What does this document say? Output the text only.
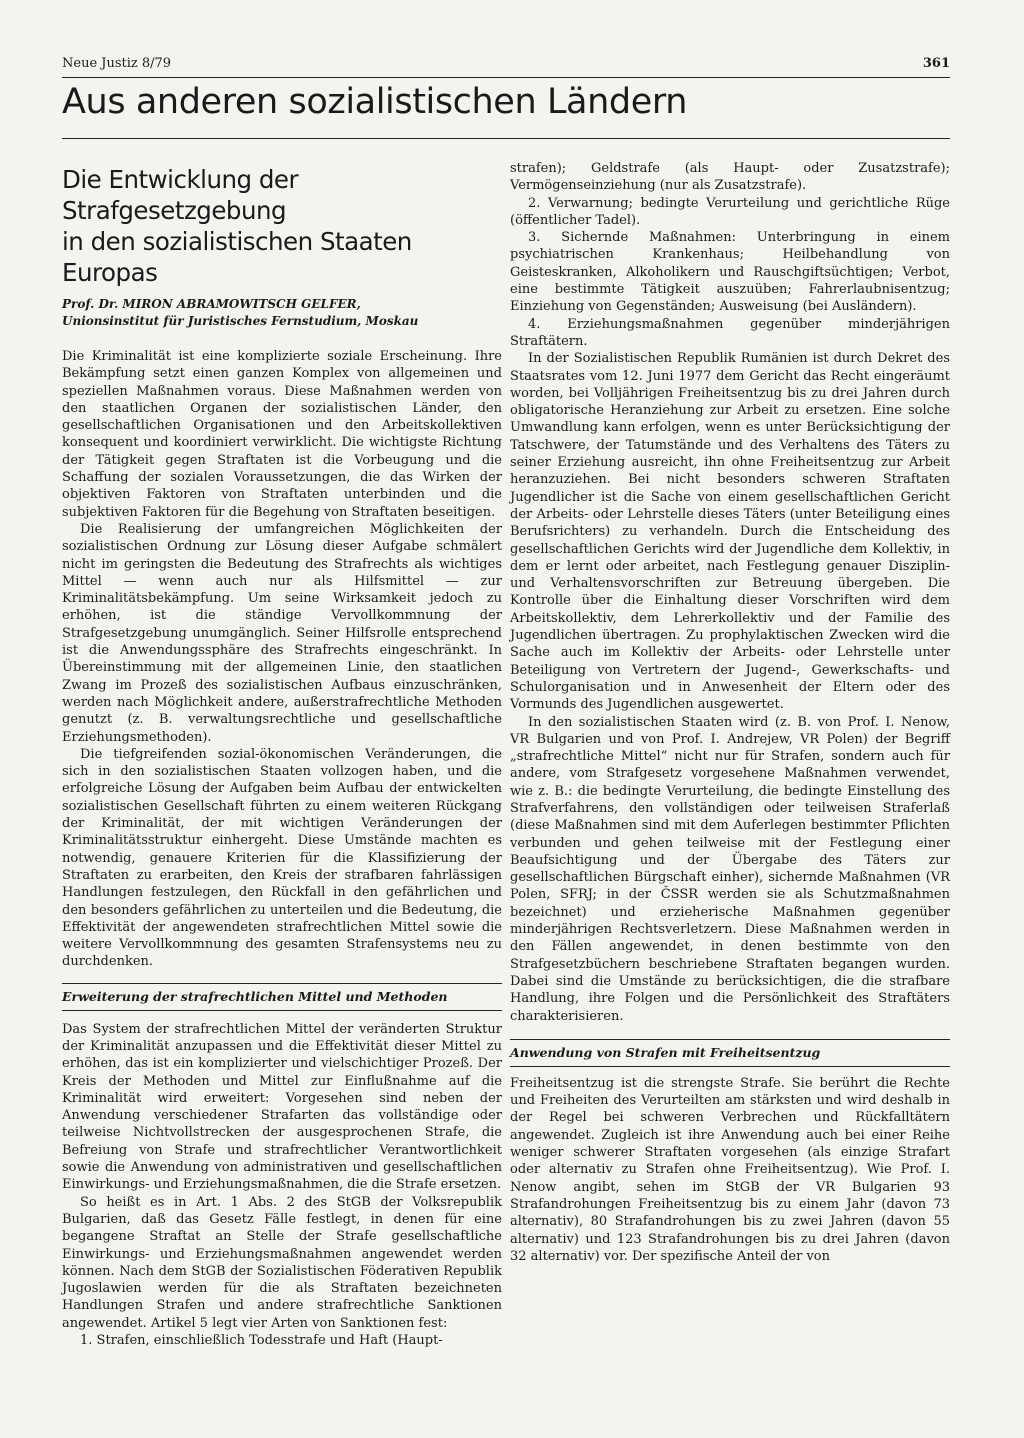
Neue Justiz 8/79	361
Aus anderen sozialistischen Ländern
Die Entwicklung der Strafgesetzgebung
in den sozialistischen Staaten Europas
Prof. Dr. MIRON ABRAMOWITSCH GELFER,
Unionsinstitut für Juristisches Fernstudium, Moskau

Die Kriminalität ist eine komplizierte soziale Erscheinung. Ihre Bekämpfung setzt einen ganzen Komplex von allgemeinen und speziellen Maßnahmen voraus. Diese Maßnahmen werden von den staatlichen Organen der sozialistischen Länder, den gesellschaftlichen Organisationen und den Arbeitskollektiven konsequent und koordiniert verwirklicht. Die wichtigste Richtung der Tätigkeit gegen Straftaten ist die Vorbeugung und die Schaffung der sozialen Voraussetzungen, die das Wirken der objektiven Faktoren von Straftaten unterbinden und die subjektiven Faktoren für die Begehung von Straftaten beseitigen.

Die Realisierung der umfangreichen Möglichkeiten der sozialistischen Ordnung zur Lösung dieser Aufgabe schmälert nicht im geringsten die Bedeutung des Strafrechts als wichtiges Mittel — wenn auch nur als Hilfsmittel — zur Kriminalitätsbekämpfung. Um seine Wirksamkeit jedoch zu erhöhen, ist die ständige Vervollkommnung der Strafgesetzgebung unumgänglich. Seiner Hilfsrolle entsprechend ist die Anwendungssphäre des Strafrechts eingeschränkt. In Übereinstimmung mit der allgemeinen Linie, den staatlichen Zwang im Prozeß des sozialistischen Aufbaus einzuschränken, werden nach Möglichkeit andere, außerstrafrechtliche Methoden genutzt (z. B. verwaltungsrechtliche und gesellschaftliche Erziehungsmethoden).

Die tiefgreifenden sozial-ökonomischen Veränderungen, die sich in den sozialistischen Staaten vollzogen haben, und die erfolgreiche Lösung der Aufgaben beim Aufbau der entwickelten sozialistischen Gesellschaft führten zu einem weiteren Rückgang der Kriminalität, der mit wichtigen Veränderungen der Kriminalitätsstruktur einhergeht. Diese Umstände machten es notwendig, genauere Kriterien für die Klassifizierung der Straftaten zu erarbeiten, den Kreis der strafbaren fahrlässigen Handlungen festzulegen, den Rückfall in den gefährlichen und den besonders gefährlichen zu unterteilen und die Bedeutung, die Effektivität der angewendeten strafrechtlichen Mittel sowie die weitere Vervollkommnung des gesamten Strafensystems neu zu durchdenken.

Erweiterung der strafrechtlichen Mittel und Methoden

Das System der strafrechtlichen Mittel der veränderten Struktur der Kriminalität anzupassen und die Effektivität dieser Mittel zu erhöhen, das ist ein komplizierter und vielschichtiger Prozeß. Der Kreis der Methoden und Mittel zur Einflußnahme auf die Kriminalität wird erweitert: Vorgesehen sind neben der Anwendung verschiedener Strafarten das vollständige oder teilweise Nichtvollstrecken der ausgesprochenen Strafe, die Befreiung von Strafe und strafrechtlicher Verantwortlichkeit sowie die Anwendung von administrativen und gesellschaftlichen Einwirkungs- und Erziehungsmaßnahmen, die die Strafe ersetzen.

So heißt es in Art. 1 Abs. 2 des StGB der Volksrepublik Bulgarien, daß das Gesetz Fälle festlegt, in denen für eine begangene Straftat an Stelle der Strafe gesellschaftliche Einwirkungs- und Erziehungsmaßnahmen angewendet werden können. Nach dem StGB der Sozialistischen Föderativen Republik Jugoslawien werden für die als Straftaten bezeichneten Handlungen Strafen und andere strafrechtliche Sanktionen angewendet. Artikel 5 legt vier Arten von Sanktionen fest:

1. Strafen, einschließlich Todesstrafe und Haft (Haupt-

strafen); Geldstrafe (als Haupt- oder Zusatzstrafe); Vermögenseinziehung (nur als Zusatzstrafe).

2. Verwarnung; bedingte Verurteilung und gerichtliche Rüge (öffentlicher Tadel).

3. Sichernde Maßnahmen: Unterbringung in einem psychiatrischen Krankenhaus; Heilbehandlung von Geisteskranken, Alkoholikern und Rauschgiftsüchtigen; Verbot, eine bestimmte Tätigkeit auszuüben; Fahrerlaubnisentzug; Einziehung von Gegenständen; Ausweisung (bei Ausländern).

4. Erziehungsmaßnahmen gegenüber minderjährigen Straftätern.

In der Sozialistischen Republik Rumänien ist durch Dekret des Staatsrates vom 12. Juni 1977 dem Gericht das Recht eingeräumt worden, bei Volljährigen Freiheitsentzug bis zu drei Jahren durch obligatorische Heranziehung zur Arbeit zu ersetzen. Eine solche Umwandlung kann erfolgen, wenn es unter Berücksichtigung der Tatschwere, der Tatumstände und des Verhaltens des Täters zu seiner Erziehung ausreicht, ihn ohne Freiheitsentzug zur Arbeit heranzuziehen. Bei nicht besonders schweren Straftaten Jugendlicher ist die Sache von einem gesellschaftlichen Gericht der Arbeits- oder Lehrstelle dieses Täters (unter Beteiligung eines Berufsrichters) zu verhandeln. Durch die Entscheidung des gesellschaftlichen Gerichts wird der Jugendliche dem Kollektiv, in dem er lernt oder arbeitet, nach Festlegung genauer Disziplin- und Verhaltensvorschriften zur Betreuung übergeben. Die Kontrolle über die Einhaltung dieser Vorschriften wird dem Arbeitskollektiv, dem Lehrerkollektiv und der Familie des Jugendlichen übertragen. Zu prophylaktischen Zwecken wird die Sache auch im Kollektiv der Arbeits- oder Lehrstelle unter Beteiligung von Vertretern der Jugend-, Gewerkschafts- und Schulorganisation und in Anwesenheit der Eltern oder des Vormunds des Jugendlichen ausgewertet.

In den sozialistischen Staaten wird (z. B. von Prof. I. Nenow, VR Bulgarien und von Prof. I. Andrejew, VR Polen) der Begriff „strafrechtliche Mittel“ nicht nur für Strafen, sondern auch für andere, vom Strafgesetz vorgesehene Maßnahmen verwendet, wie z. B.: die bedingte Verurteilung, die bedingte Einstellung des Strafverfahrens, den vollständigen oder teilweisen Straferlaß (diese Maßnahmen sind mit dem Auferlegen bestimmter Pflichten verbunden und gehen teilweise mit der Festlegung einer Beaufsichtigung und der Übergabe des Täters zur gesellschaftlichen Bürgschaft einher), sichernde Maßnahmen (VR Polen, SFRJ; in der ČSSR werden sie als Schutzmaßnahmen bezeichnet) und erzieherische Maßnahmen gegenüber minderjährigen Rechtsverletzern. Diese Maßnahmen werden in den Fällen angewendet, in denen bestimmte von den Strafgesetzbüchern beschriebene Straftaten begangen wurden. Dabei sind die Umstände zu berücksichtigen, die die strafbare Handlung, ihre Folgen und die Persönlichkeit des Straftäters charakterisieren.

Anwendung von Strafen mit Freiheitsentzug

Freiheitsentzug ist die strengste Strafe. Sie berührt die Rechte und Freiheiten des Verurteilten am stärksten und wird deshalb in der Regel bei schweren Verbrechen und Rückfalltätern angewendet. Zugleich ist ihre Anwendung auch bei einer Reihe weniger schwerer Straftaten vorgesehen (als einzige Strafart oder alternativ zu Strafen ohne Freiheitsentzug). Wie Prof. I. Nenow angibt, sehen im StGB der VR Bulgarien 93 Strafandrohungen Freiheitsentzug bis zu einem Jahr (davon 73 alternativ), 80 Strafandrohungen bis zu zwei Jahren (davon 55 alternativ) und 123 Strafandrohungen bis zu drei Jahren (davon 32 alternativ) vor. Der spezifische Anteil der von
